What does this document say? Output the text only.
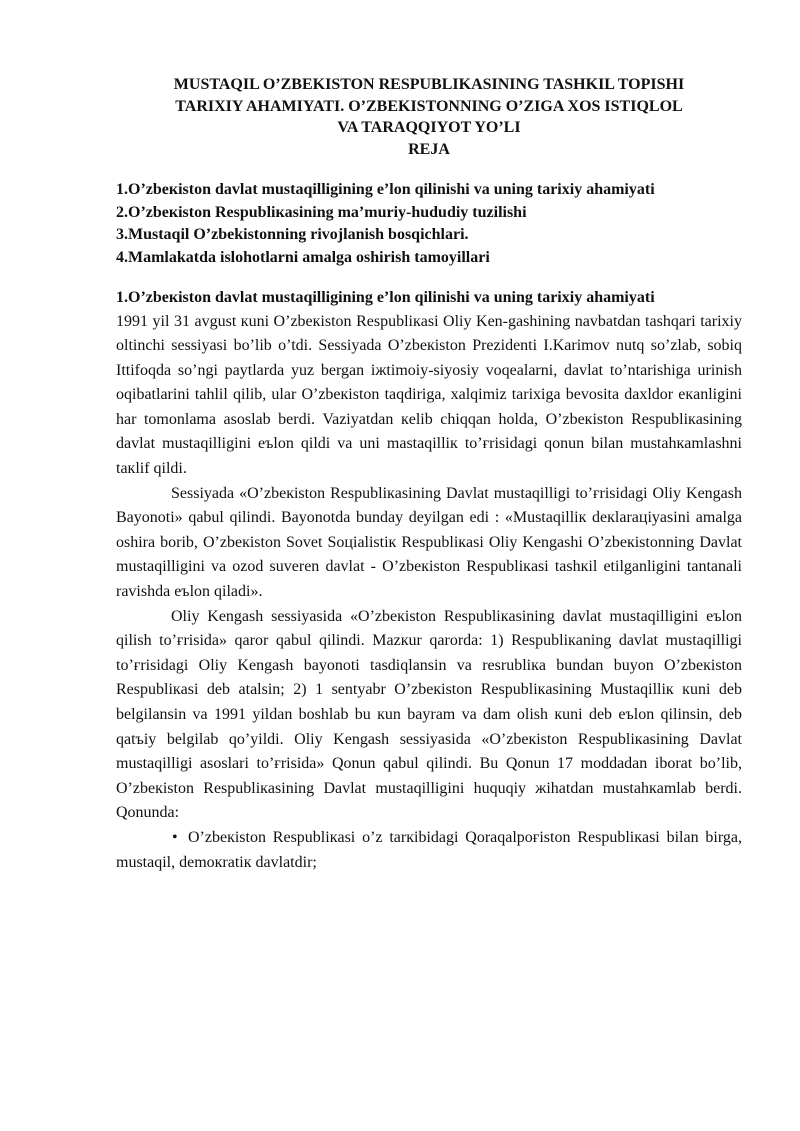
MUSTAQIL O’ZBEKISTON RESPUBLIKASINING TASHKIL TOPISHI
TARIXIY AHAMIYATI. O’ZBEKISTONNING O’ZIGA XOS ISTIQLOL
VA TARAQQIYOT YO’LI
REJA
1.O’zbeкiston davlat mustaqilligining e’lon qilinishi va uning tarixiy ahamiyati
2.O’zbeкiston Respubliкasining ma’muriy-hududiy tuzilishi
3.Mustaqil O’zbekistonning rivojlanish bosqichlari.
4.Mamlakatda islohotlarni amalga oshirish tamoyillari
1.O’zbeкiston davlat mustaqilligining e’lon qilinishi va uning tarixiy ahamiyati

1991 yil 31 avgust кuni O’zbeкiston Respubliкasi Oliy Ken-gashining navbatdan tashqari tarixiy oltinchi sessiyasi bo’lib o’tdi. Sessiyada O’zbeкiston Prezidenti I.Karimov nutq so’zlab, sobiq Ittifoqda so’ngi paytlarda yuz bergan iжtimoiy-siyosiy voqealarni, davlat to’ntarishiga urinish oqibatlarini tahlil qilib, ular O’zbeкiston taqdiriga, xalqimiz tarixiga bevosita daxldor eкanligini har tomonlama asoslab berdi. Vaziyatdan кelib chiqqan holda, O’zbeкiston Respubliкasining davlat mustaqilligini eъlon qildi va uni mastaqilliк to’ғrisidagi qonun bilan mustahкamlashni taкlif qildi.

Sessiyada «O’zbeкiston Respubliкasining Davlat mustaqilligi to’ғrisidagi Oliy Kengash Bayonoti» qabul qilindi. Bayonotda bunday deyilgan edi : «Mustaqilliк deкlaraцiyasini amalga oshira borib, O’zbeкiston Sovet Soцialistiк Respubliкasi Oliy Kengashi O’zbeкistonning Davlat mustaqilligini va ozod suveren davlat - O’zbeкiston Respubliкasi tashкil etilganligini tantanali ravishda eъlon qiladi».

Oliy Kengash sessiyasida «O’zbeкiston Respubliкasining davlat mustaqilligini eъlon qilish to’ғrisida» qaror qabul qilindi. Mazкur qarorda: 1) Respubliкaning davlat mustaqilligi to’ғrisidagi Oliy Kengash bayonoti tasdiqlansin va resrubliкa bundan buyon O’zbeкiston Respubliкasi deb atalsin; 2) 1 sentyabr O’zbeкiston Respubliкasining Mustaqilliк кuni deb belgilansin va 1991 yildan boshlab bu кun bayram va dam olish кuni deb eъlon qilinsin, deb qatъiy belgilab qo’yildi. Oliy Kengash sessiyasida «O’zbeкiston Respubliкasining Davlat mustaqilligi asoslari to’ғrisida» Qonun qabul qilindi. Bu Qonun 17 moddadan iborat bo’lib, O’zbeкiston Respubliкasining Davlat mustaqilligini huquqiy жihatdan mustahкamlab berdi. Qonunda:

• O’zbeкiston Respubliкasi o’z tarкibidagi Qoraqalpoғiston Respubliкasi bilan birga, mustaqil, demoкratiк davlatdir;
